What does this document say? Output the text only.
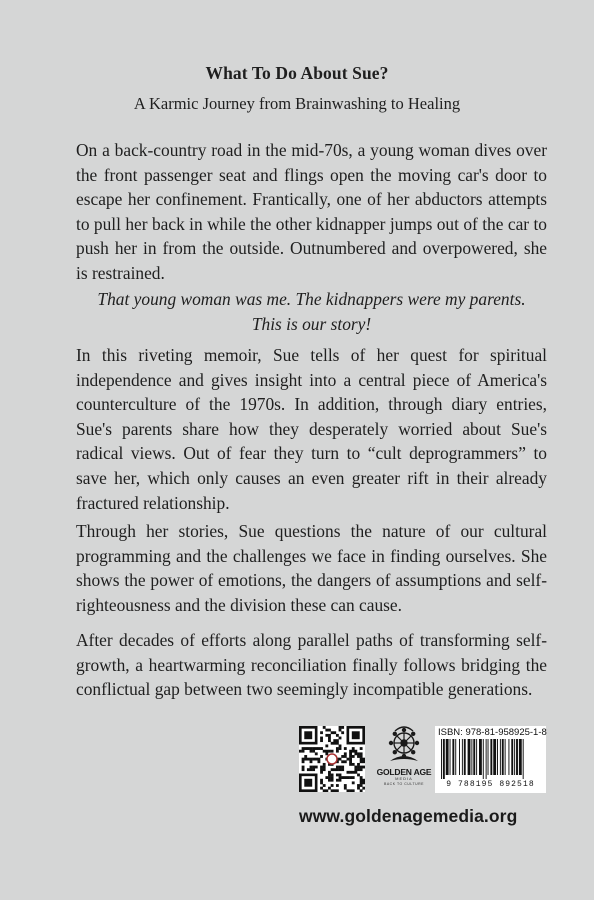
What To Do About Sue?
A Karmic Journey from Brainwashing to Healing

On a back-country road in the mid-70s, a young woman dives over the front passenger seat and flings open the moving car's door to escape her confinement. Frantically, one of her abductors attempts to pull her back in while the other kidnapper jumps out of the car to push her in from the outside. Outnumbered and overpowered, she is restrained.

That young woman was me. The kidnappers were my parents.
This is our story!

In this riveting memoir, Sue tells of her quest for spiritual independence and gives insight into a central piece of America's counterculture of the 1970s. In addition, through diary entries, Sue's parents share how they desperately worried about Sue's radical views. Out of fear they turn to “cult deprogrammers” to save her, which only causes an even greater rift in their already fractured relationship.

Through her stories, Sue questions the nature of our cultural programming and the challenges we face in finding ourselves. She shows the power of emotions, the dangers of assumptions and self-righteousness and the division these can cause.

After decades of efforts along parallel paths of transforming self-growth, a heartwarming reconciliation finally follows bridging the conflictual gap between two seemingly incompatible generations.

GOLDEN AGE
MEDIA
BACK TO CULTURE
ISBN: 978-81-958925-1-8
9 788195 892518
www.goldenagemedia.org
